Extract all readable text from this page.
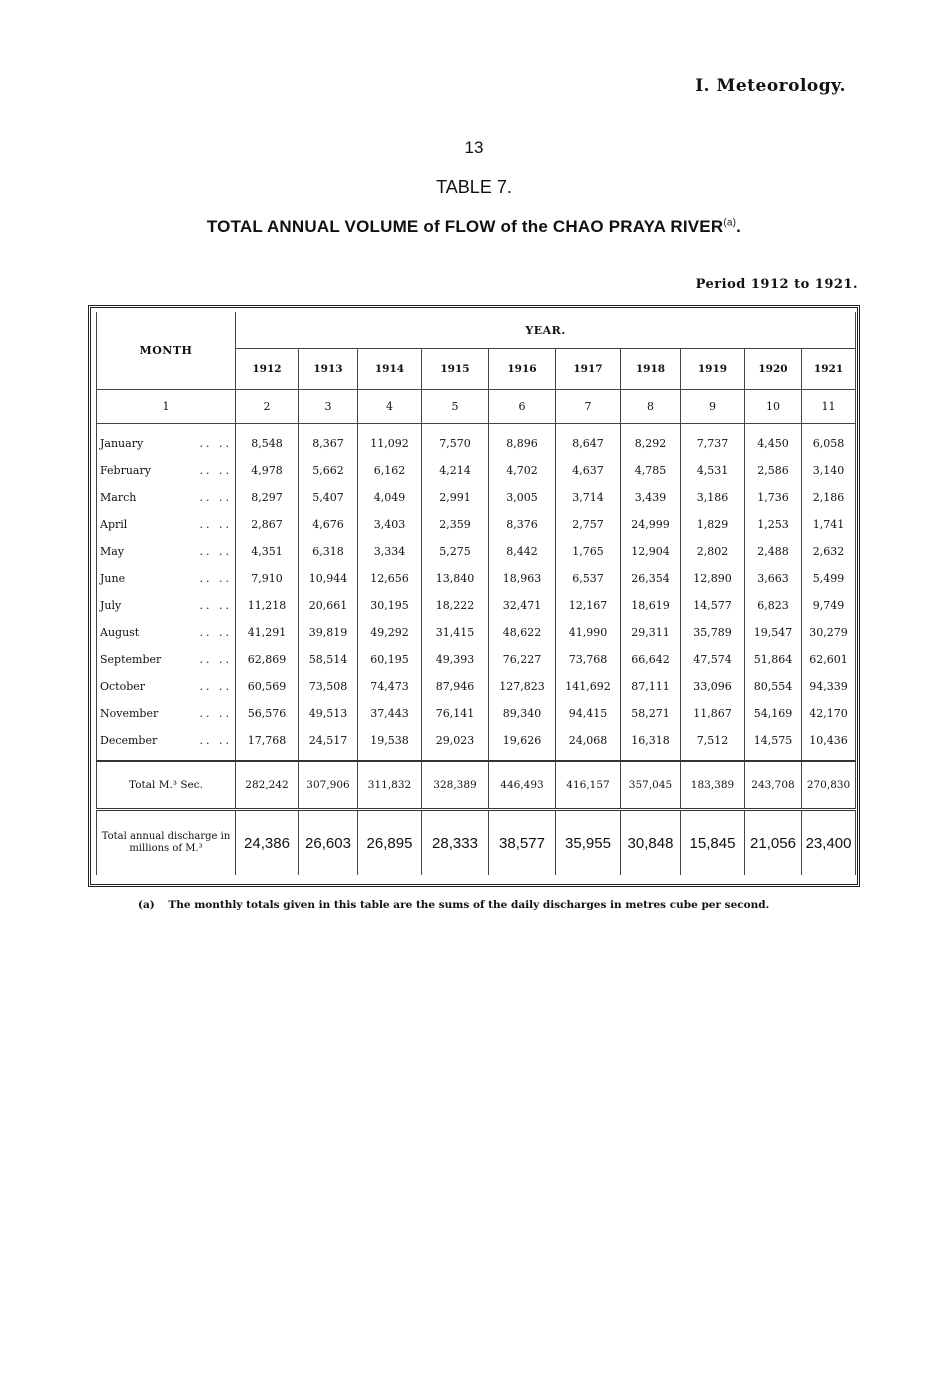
I. Meteorology.
13
TABLE 7.
TOTAL ANNUAL VOLUME of FLOW of the CHAO PRAYA RIVER$^{(a)}$.
Period 1912 to 1921.
MONTH	YEAR.									
	1912	1913	1914	1915	1916	1917	1918	1919	1920	1921
1	2	3	4	5	6	7	8	9	10	11
January .. ..	8,548	8,367	11,092	7,570	8,896	8,647	8,292	7,737	4,450	6,058
February .. ..	4,978	5,662	6,162	4,214	4,702	4,637	4,785	4,531	2,586	3,140
March .. ..	8,297	5,407	4,049	2,991	3,005	3,714	3,439	3,186	1,736	2,186
April .. ..	2,867	4,676	3,403	2,359	8,376	2,757	24,999	1,829	1,253	1,741
May .. ..	4,351	6,318	3,334	5,275	8,442	1,765	12,904	2,802	2,488	2,632
June .. ..	7,910	10,944	12,656	13,840	18,963	6,537	26,354	12,890	3,663	5,499
July .. ..	11,218	20,661	30,195	18,222	32,471	12,167	18,619	14,577	6,823	9,749
August .. ..	41,291	39,819	49,292	31,415	48,622	41,990	29,311	35,789	19,547	30,279
September .. ..	62,869	58,514	60,195	49,393	76,227	73,768	66,642	47,574	51,864	62,601
October .. ..	60,569	73,508	74,473	87,946	127,823	141,692	87,111	33,096	80,554	94,339
November .. ..	56,576	49,513	37,443	76,141	89,340	94,415	58,271	11,867	54,169	42,170
December .. ..	17,768	24,517	19,538	29,023	19,626	24,068	16,318	7,512	14,575	10,436
Total M.³ Sec.	282,242	307,906	311,832	328,389	446,493	416,157	357,045	183,389	243,708	270,830
Total annual discharge in millions of M.³	24,386	26,603	26,895	28,333	38,577	35,955	30,848	15,845	21,056	23,400
(a) The monthly totals given in this table are the sums of the daily discharges in metres cube per second.
